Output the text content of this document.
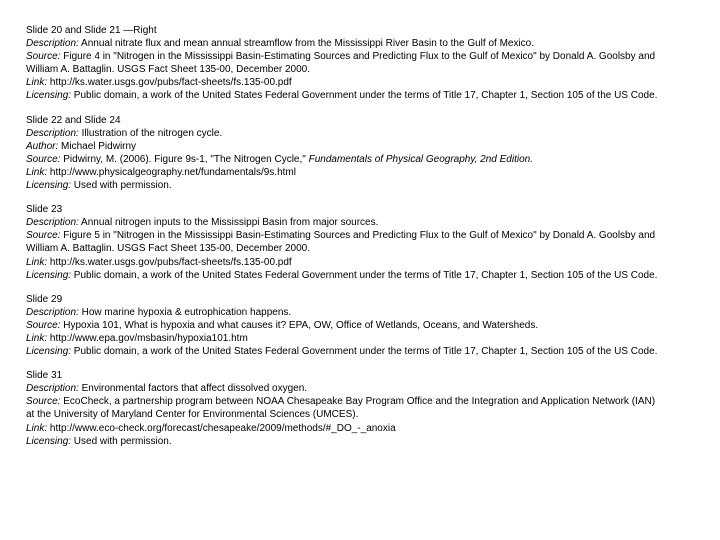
Slide 20 and Slide 21 —Right
Description: Annual nitrate flux and mean annual streamflow from the Mississippi River Basin to the Gulf of Mexico.
Source: Figure 4 in "Nitrogen in the Mississippi Basin-Estimating Sources and Predicting Flux to the Gulf of Mexico" by Donald A. Goolsby and William A. Battaglin. USGS Fact Sheet 135-00, December 2000.
Link: http://ks.water.usgs.gov/pubs/fact-sheets/fs.135-00.pdf
Licensing: Public domain, a work of the United States Federal Government under the terms of Title 17, Chapter 1, Section 105 of the US Code.
Slide 22 and Slide 24
Description: Illustration of the nitrogen cycle.
Author: Michael Pidwirny
Source: Pidwirny, M. (2006). Figure 9s-1, "The Nitrogen Cycle," Fundamentals of Physical Geography, 2nd Edition.
Link: http://www.physicalgeography.net/fundamentals/9s.html
Licensing: Used with permission.
Slide 23
Description: Annual nitrogen inputs to the Mississippi Basin from major sources.
Source: Figure 5 in "Nitrogen in the Mississippi Basin-Estimating Sources and Predicting Flux to the Gulf of Mexico" by Donald A. Goolsby and William A. Battaglin. USGS Fact Sheet 135-00, December 2000.
Link: http://ks.water.usgs.gov/pubs/fact-sheets/fs.135-00.pdf
Licensing: Public domain, a work of the United States Federal Government under the terms of Title 17, Chapter 1, Section 105 of the US Code.
Slide 29
Description: How marine hypoxia & eutrophication happens.
Source: Hypoxia 101, What is hypoxia and what causes it? EPA, OW, Office of Wetlands, Oceans, and Watersheds.
Link: http://www.epa.gov/msbasin/hypoxia101.htm
Licensing: Public domain, a work of the United States Federal Government under the terms of Title 17, Chapter 1, Section 105 of the US Code.
Slide 31
Description: Environmental factors that affect dissolved oxygen.
Source: EcoCheck, a partnership program between NOAA Chesapeake Bay Program Office and the Integration and Application Network (IAN) at the University of Maryland Center for Environmental Sciences (UMCES).
Link: http://www.eco-check.org/forecast/chesapeake/2009/methods/#_DO_-_anoxia
Licensing: Used with permission.
